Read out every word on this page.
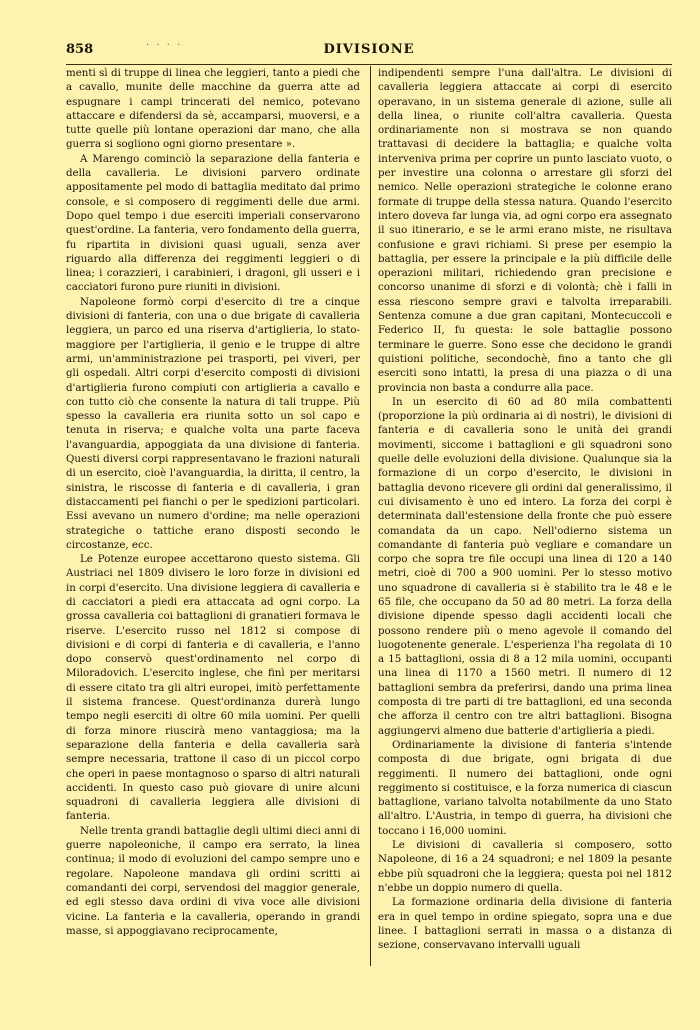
858	· · · ·	DIVISIONE

menti sì di truppe di linea che leggieri, tanto a piedi che a cavallo, munite delle macchine da guerra atte ad espugnare i campi trincerati del nemico, potevano attaccare e difendersi da sè, accamparsi, muoversi, e a tutte quelle più lontane operazioni dar mano, che alla guerra si sogliono ogni giorno presentare ».

A Marengo cominciò la separazione della fanteria e della cavalleria. Le divisioni parvero ordinate appositamente pel modo di battaglia meditato dal primo console, e si composero di reggimenti delle due armi. Dopo quel tempo i due eserciti imperiali conservarono quest'ordine. La fanteria, vero fondamento della guerra, fu ripartita in divisioni quasi uguali, senza aver riguardo alla differenza dei reggimenti leggieri o di linea; i corazzieri, i carabinieri, i dragoni, gli usseri e i cacciatori furono pure riuniti in divisioni.

Napoleone formò corpi d'esercito di tre a cinque divisioni di fanteria, con una o due brigate di cavalleria leggiera, un parco ed una riserva d'artiglieria, lo stato-maggiore per l'artiglieria, il genio e le truppe di altre armi, un'amministrazione pei trasporti, pei viveri, per gli ospedali. Altri corpi d'esercito composti di divisioni d'artiglieria furono compiuti con artiglieria a cavallo e con tutto ciò che consente la natura di tali truppe. Più spesso la cavalleria era riunita sotto un sol capo e tenuta in riserva; e qualche volta una parte faceva l'avanguardia, appoggiata da una divisione di fanteria. Questi diversi corpi rappresentavano le frazioni naturali di un esercito, cioè l'avanguardia, la diritta, il centro, la sinistra, le riscosse di fanteria e di cavalleria, i gran distaccamenti pei fianchi o per le spedizioni particolari. Essi avevano un numero d'ordine; ma nelle operazioni strategiche o tattiche erano disposti secondo le circostanze, ecc.

Le Potenze europee accettarono questo sistema. Gli Austriaci nel 1809 divisero le loro forze in divisioni ed in corpi d'esercito. Una divisione leggiera di cavalleria e di cacciatori a piedi era attaccata ad ogni corpo. La grossa cavalleria coi battaglioni di granatieri formava le riserve. L'esercito russo nel 1812 si compose di divisioni e di corpi di fanteria e di cavalleria, e l'anno dopo conservò quest'ordinamento nel corpo di Miloradovich. L'esercito inglese, che finì per meritarsi di essere citato tra gli altri europei, imitò perfettamente il sistema francese. Quest'ordinanza durerà lungo tempo negli eserciti di oltre 60 mila uomini. Per quelli di forza minore riuscirà meno vantaggiosa; ma la separazione della fanteria e della cavalleria sarà sempre necessaria, trattone il caso di un piccol corpo che operi in paese montagnoso o sparso di altri naturali accidenti. In questo caso può giovare di unire alcuni squadroni di cavalleria leggiera alle divisioni di fanteria.

Nelle trenta grandi battaglie degli ultimi dieci anni di guerre napoleoniche, il campo era serrato, la linea continua; il modo di evoluzioni del campo sempre uno e regolare. Napoleone mandava gli ordini scritti ai comandanti dei corpi, servendosi del maggior generale, ed egli stesso dava ordini di viva voce alle divisioni vicine. La fanteria e la cavalleria, operando in grandi masse, si appoggiavano reciprocamente,

indipendenti sempre l'una dall'altra. Le divisioni di cavalleria leggiera attaccate ai corpi di esercito operavano, in un sistema generale di azione, sulle ali della linea, o riunite coll'altra cavalleria. Questa ordinariamente non si mostrava se non quando trattavasi di decidere la battaglia; e qualche volta interveniva prima per coprire un punto lasciato vuoto, o per investire una colonna o arrestare gli sforzi del nemico. Nelle operazioni strategiche le colonne erano formate di truppe della stessa natura. Quando l'esercito intero doveva far lunga via, ad ogni corpo era assegnato il suo itinerario, e se le armi erano miste, ne risultava confusione e gravi richiami. Si prese per esempio la battaglia, per essere la principale e la più difficile delle operazioni militari, richiedendo gran precisione e concorso unanime di sforzi e di volontà; chè i falli in essa riescono sempre gravi e talvolta irreparabili. Sentenza comune a due gran capitani, Montecuccoli e Federico II, fu questa: le sole battaglie possono terminare le guerre. Sono esse che decidono le grandi quistioni politiche, secondochè, fino a tanto che gli eserciti sono intatti, la presa di una piazza o di una provincia non basta a condurre alla pace.

In un esercito di 60 ad 80 mila combattenti (proporzione la più ordinaria ai dì nostri), le divisioni di fanteria e di cavalleria sono le unità dei grandi movimenti, siccome i battaglioni e gli squadroni sono quelle delle evoluzioni della divisione. Qualunque sia la formazione di un corpo d'esercito, le divisioni in battaglia devono ricevere gli ordini dal generalissimo, il cui divisamento è uno ed intero. La forza dei corpi è determinata dall'estensione della fronte che può essere comandata da un capo. Nell'odierno sistema un comandante di fanteria può vegliare e comandare un corpo che sopra tre file occupi una linea di 120 a 140 metri, cioè di 700 a 900 uomini. Per lo stesso motivo uno squadrone di cavalleria si è stabilito tra le 48 e le 65 file, che occupano da 50 ad 80 metri. La forza della divisione dipende spesso dagli accidenti locali che possono rendere più o meno agevole il comando del luogotenente generale. L'esperienza l'ha regolata di 10 a 15 battaglioni, ossia di 8 a 12 mila uomini, occupanti una linea di 1170 a 1560 metri. Il numero di 12 battaglioni sembra da preferirsi, dando una prima linea composta di tre parti di tre battaglioni, ed una seconda che afforza il centro con tre altri battaglioni. Bisogna aggiungervi almeno due batterie d'artiglieria a piedi.

Ordinariamente la divisione di fanteria s'intende composta di due brigate, ogni brigata di due reggimenti. Il numero dei battaglioni, onde ogni reggimento si costituisce, e la forza numerica di ciascun battaglione, variano talvolta notabilmente da uno Stato all'altro. L'Austria, in tempo di guerra, ha divisioni che toccano i 16,000 uomini.

Le divisioni di cavalleria si composero, sotto Napoleone, di 16 a 24 squadroni; e nel 1809 la pesante ebbe più squadroni che la leggiera; questa poi nel 1812 n'ebbe un doppio numero di quella.

La formazione ordinaria della divisione di fanteria era in quel tempo in ordine spiegato, sopra una e due linee. I battaglioni serrati in massa o a distanza di sezione, conservavano intervalli uguali
